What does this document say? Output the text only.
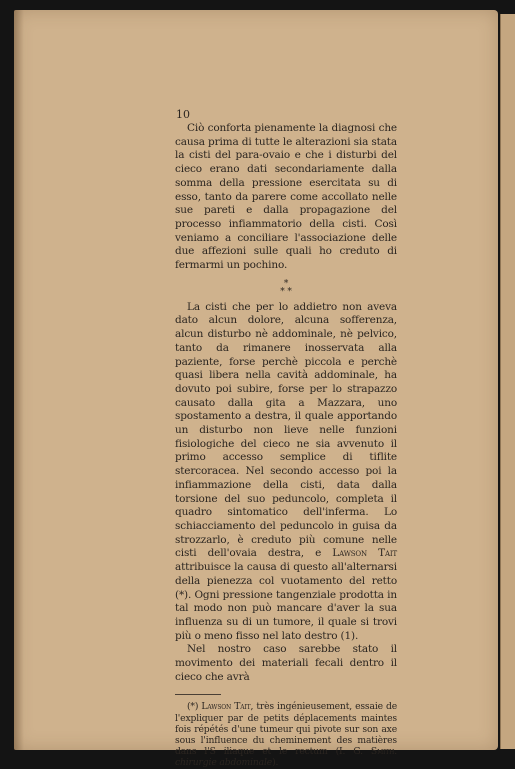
10

Ciò conforta pienamente la diagnosi che causa prima di tutte le alterazioni sia stata la cisti del para-ovaio e che i disturbi del cieco erano dati secondariamente dalla somma della pressione esercitata su di esso, tanto da parere come accollato nelle sue pareti e dalla propagazione del processo infiammatorio della cisti. Così veniamo a conciliare l'associazione delle due affezioni sulle quali ho creduto di fermarmi un pochino.

*
* *

La cisti che per lo addietro non aveva dato alcun dolore, alcuna sofferenza, alcun disturbo nè addominale, nè pelvico, tanto da rimanere inosservata alla paziente, forse perchè piccola e perchè quasi libera nella cavità addominale, ha dovuto poi subire, forse per lo strapazzo causato dalla gita a Mazzara, uno spostamento a destra, il quale apportando un disturbo non lieve nelle funzioni fisiologiche del cieco ne sia avvenuto il primo accesso semplice di tiflite stercoracea. Nel secondo accesso poi la infiammazione della cisti, data dalla torsione del suo peduncolo, completa il quadro sintomatico dell'inferma. Lo schiacciamento del peduncolo in guisa da strozzarlo, è creduto più comune nelle cisti dell'ovaia destra, e Lawson Tait attribuisce la causa di questo all'alternarsi della pienezza col vuotamento del retto (*). Ogni pressione tangenziale prodotta in tal modo non può mancare d'aver la sua influenza su di un tumore, il quale si trovi più o meno fisso nel lato destro (1).

Nel nostro caso sarebbe stato il movimento dei materiali fecali dentro il cieco che avrà

(*) Lawson Tait, très ingénieusement, essaie de l'expliquer par de petits déplacements maintes fois répétés d'une tumeur qui pivote sur son axe sous l'influence du cheminement des matières dans l'S iliaque et le rectum (I. G. Smith. chirurgie abdominale).
